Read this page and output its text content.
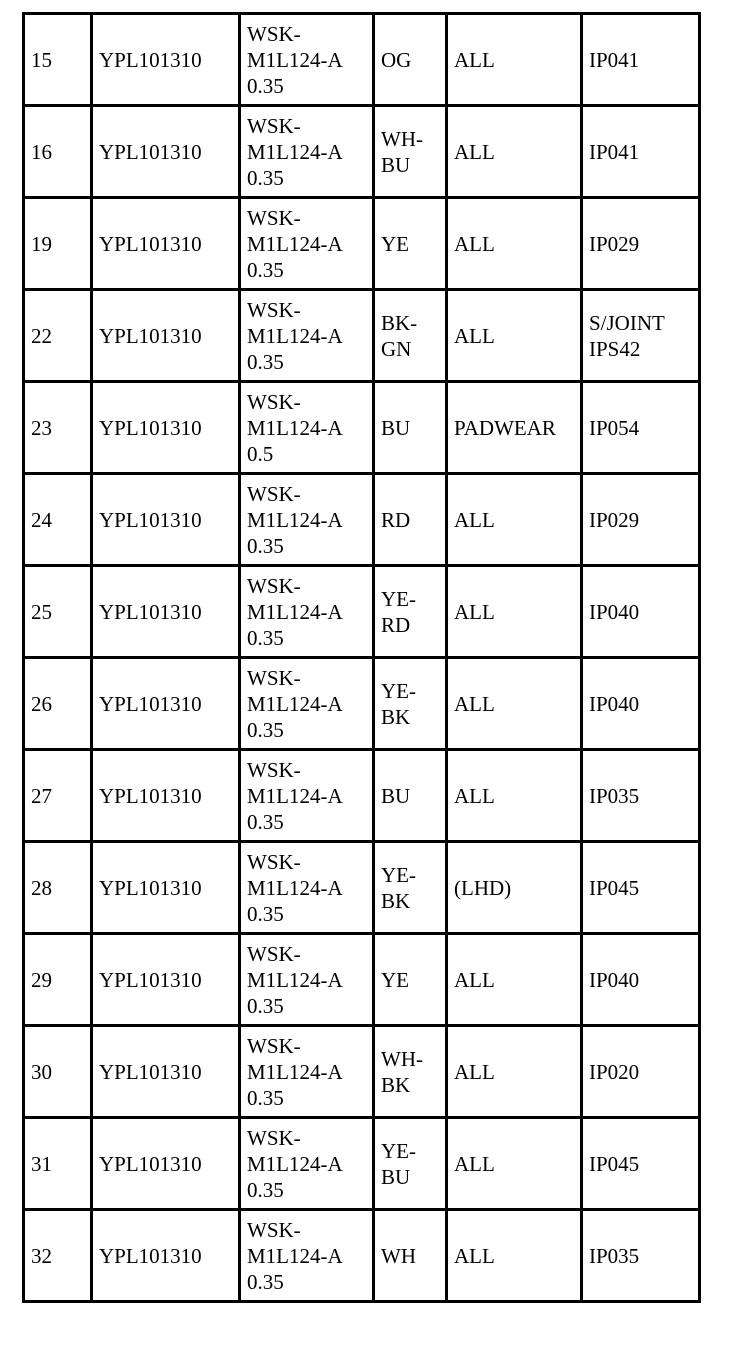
15	YPL101310	WSK-
M1L124-A
0.35	OG	ALL	IP041
16	YPL101310	WSK-
M1L124-A
0.35	WH-
BU	ALL	IP041
19	YPL101310	WSK-
M1L124-A
0.35	YE	ALL	IP029
22	YPL101310	WSK-
M1L124-A
0.35	BK-
GN	ALL	S/JOINT
IPS42
23	YPL101310	WSK-
M1L124-A
0.5	BU	PADWEAR	IP054
24	YPL101310	WSK-
M1L124-A
0.35	RD	ALL	IP029
25	YPL101310	WSK-
M1L124-A
0.35	YE-
RD	ALL	IP040
26	YPL101310	WSK-
M1L124-A
0.35	YE-
BK	ALL	IP040
27	YPL101310	WSK-
M1L124-A
0.35	BU	ALL	IP035
28	YPL101310	WSK-
M1L124-A
0.35	YE-
BK	(LHD)	IP045
29	YPL101310	WSK-
M1L124-A
0.35	YE	ALL	IP040
30	YPL101310	WSK-
M1L124-A
0.35	WH-
BK	ALL	IP020
31	YPL101310	WSK-
M1L124-A
0.35	YE-
BU	ALL	IP045
32	YPL101310	WSK-
M1L124-A
0.35	WH	ALL	IP035
